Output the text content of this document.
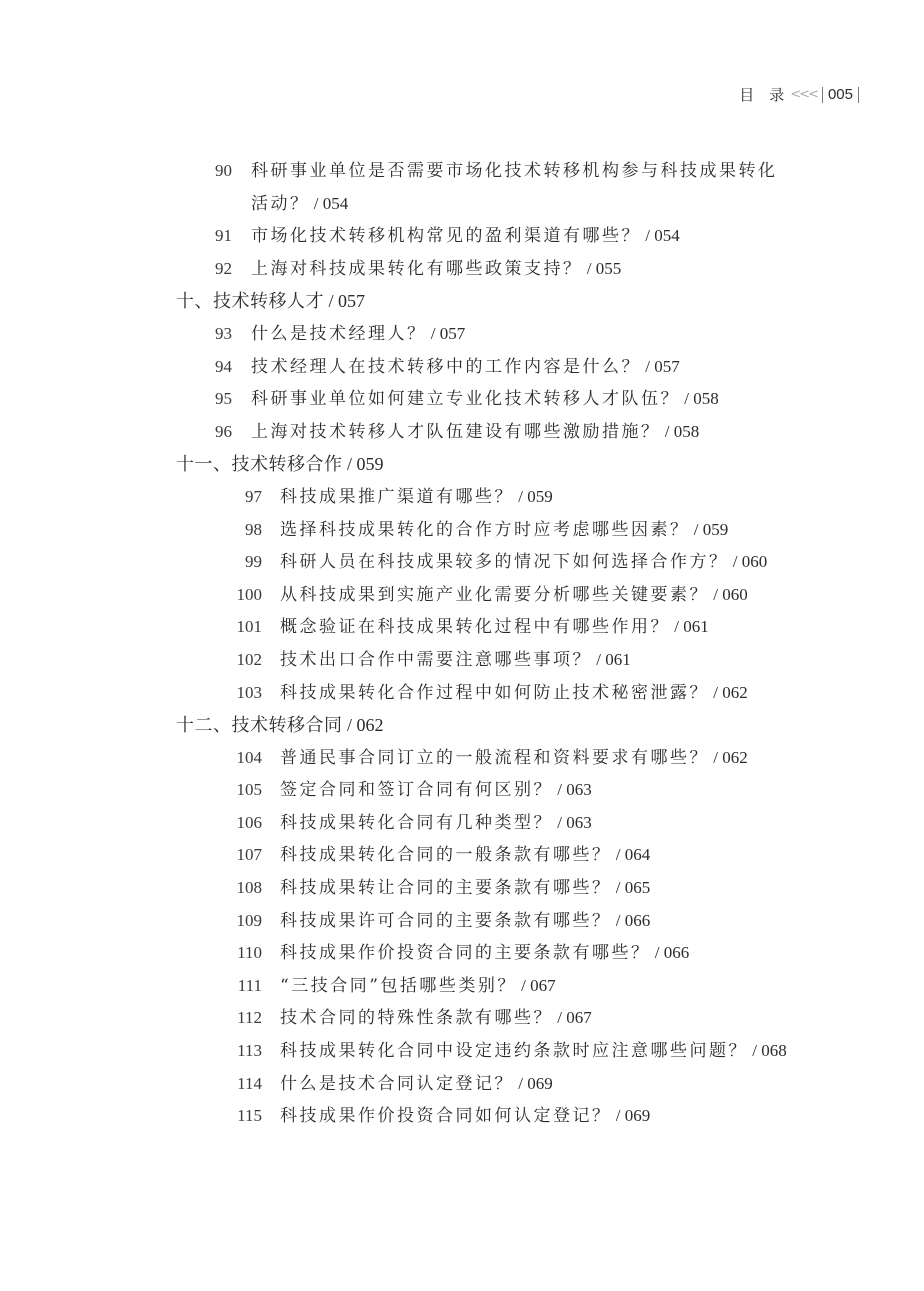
目　录 <<< 005
90 科研事业单位是否需要市场化技术转移机构参与科技成果转化
活动？ / 054
91 市场化技术转移机构常见的盈利渠道有哪些？ / 054
92 上海对科技成果转化有哪些政策支持？ / 055
十、技术转移人才 / 057
93 什么是技术经理人？ / 057
94 技术经理人在技术转移中的工作内容是什么？ / 057
95 科研事业单位如何建立专业化技术转移人才队伍？ / 058
96 上海对技术转移人才队伍建设有哪些激励措施？ / 058
十一、技术转移合作 / 059
97 科技成果推广渠道有哪些？ / 059
98 选择科技成果转化的合作方时应考虑哪些因素？ / 059
99 科研人员在科技成果较多的情况下如何选择合作方？ / 060
100 从科技成果到实施产业化需要分析哪些关键要素？ / 060
101 概念验证在科技成果转化过程中有哪些作用？ / 061
102 技术出口合作中需要注意哪些事项？ / 061
103 科技成果转化合作过程中如何防止技术秘密泄露？ / 062
十二、技术转移合同 / 062
104 普通民事合同订立的一般流程和资料要求有哪些？ / 062
105 签定合同和签订合同有何区别？ / 063
106 科技成果转化合同有几种类型？ / 063
107 科技成果转化合同的一般条款有哪些？ / 064
108 科技成果转让合同的主要条款有哪些？ / 065
109 科技成果许可合同的主要条款有哪些？ / 066
110 科技成果作价投资合同的主要条款有哪些？ / 066
111 “三技合同”包括哪些类别？ / 067
112 技术合同的特殊性条款有哪些？ / 067
113 科技成果转化合同中设定违约条款时应注意哪些问题？ / 068
114 什么是技术合同认定登记？ / 069
115 科技成果作价投资合同如何认定登记？ / 069
